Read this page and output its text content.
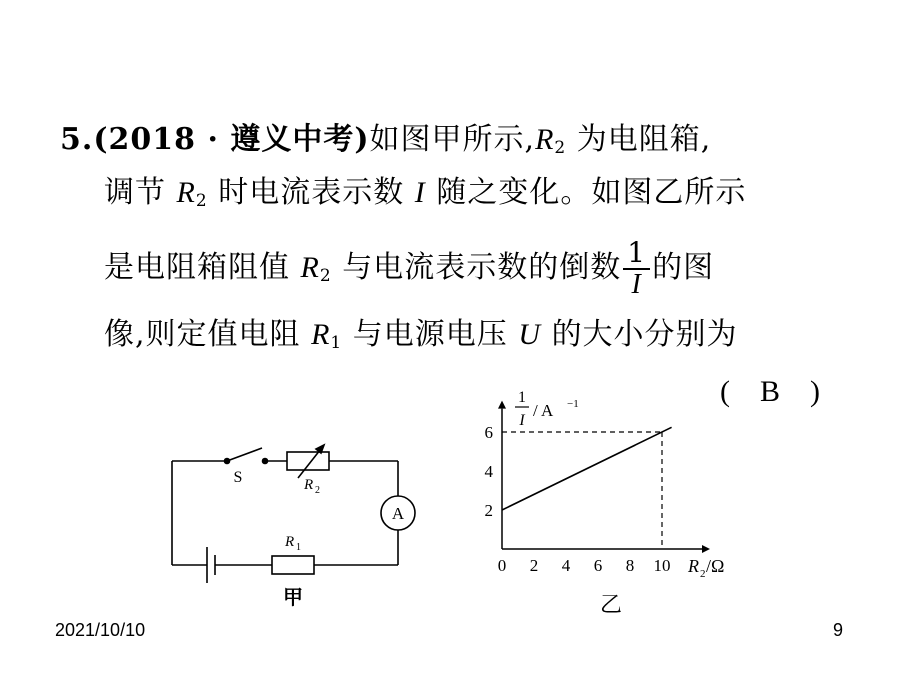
5.(2018 · 遵义中考)如图甲所示$,R_2$ 为电阻箱,
调节 $R_2$ 时电流表示数 I 随之变化。如图乙所示
是电阻箱阻值 $R_2$ 与电流表示数的倒数 $\frac{1}{I}$ 的图
像,则定值电阻 $R_1$ 与电源电压 U 的大小分别为
(　B　)
S	R 2
A
R 1
甲
0 2 4 6 8 10
2
4
6
1
I
/ A −1
R 2 /Ω
乙
2021/10/10	9
